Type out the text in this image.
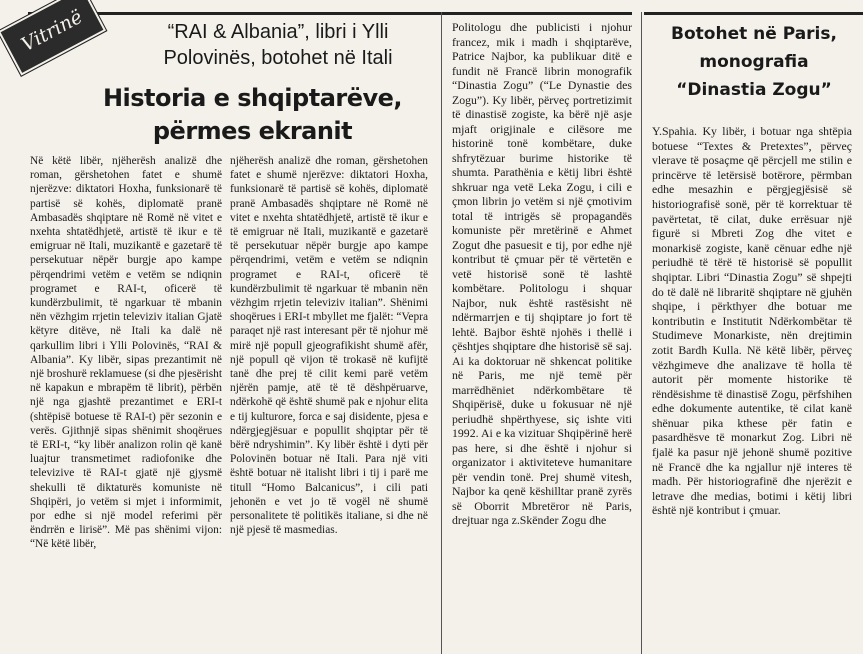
Vitrinë	“RAI & Albania”, libri i Ylli Polovinës, botohet në Itali
Historia e shqiptarëve, përmes ekranit

Në këtë libër, njëherësh analizë dhe roman, gërshetohen fatet e shumë njerëzve: diktatori Hoxha, funksionarë të partisë së kohës, diplomatë pranë Ambasadës shqiptare në Romë në vitet e nxehta shtatëdhjetë, artistë të ikur e të emigruar në Itali, muzikantë e gazetarë të persekutuar nëpër burgje apo kampe përqendrimi vetëm e vetëm se ndiqnin programet e RAI-t, oficerë të kundërzbulimit, të ngarkuar të mbanin nën vëzhgim rrjetin televiziv italian Gjatë këtyre ditëve, në Itali ka dalë në qarkullim libri i Ylli Polovinës, “RAI & Albania”. Ky libër, sipas prezantimit në një broshurë reklamuese (si dhe pjesërisht në kapakun e mbrapëm të librit), përbën një nga gjashtë prezantimet e ERI-t (shtëpisë botuese të RAI-t) për sezonin e verës. Gjithnjë sipas shënimit shoqërues të ERI-t, “ky libër analizon rolin që kanë luajtur transmetimet radiofonike dhe televizive të RAI-t gjatë një gjysmë shekulli të diktaturës komuniste në Shqipëri, jo vetëm si mjet i informimit, por edhe si një model referimi për ëndrrën e lirisë”. Më pas shënimi vijon: “Në këtë libër,

njëherësh analizë dhe roman, gërshetohen fatet e shumë njerëzve: diktatori Hoxha, funksionarë të partisë së kohës, diplomatë pranë Ambasadës shqiptare në Romë në vitet e nxehta shtatëdhjetë, artistë të ikur e të emigruar në Itali, muzikantë e gazetarë të persekutuar nëpër burgje apo kampe përqendrimi, vetëm e vetëm se ndiqnin programet e RAI-t, oficerë të kundërzbulimit të ngarkuar të mbanin nën vëzhgim rrjetin televiziv italian”. Shënimi shoqërues i ERI-t mbyllet me fjalët: “Vepra paraqet një rast interesant për të njohur më mirë një popull gjeografikisht shumë afër, një popull që vijon të trokasë në kufijtë tanë dhe prej të cilit kemi parë vetëm njërën pamje, atë të të dëshpëruarve, ndërkohë që është shumë pak e njohur elita e tij kulturore, forca e saj disidente, pjesa e ndërgjegjësuar e popullit shqiptar për të bërë ndryshimin”. Ky libër është i dyti për Polovinën botuar në Itali. Para një viti është botuar në italisht libri i tij i parë me titull “Homo Balcanicus”, i cili pati jehonën e vet jo të vogël në shumë personalitete të politikës italiane, si dhe në një pjesë të masmedias.

Politologu dhe publicisti i njohur francez, mik i madh i shqiptarëve, Patrice Najbor, ka publikuar ditë e fundit në Francë librin monografik “Dinastia Zogu” (“Le Dynastie des Zogu”). Ky libër, përveç portretizimit të dinastisë zogiste, ka bërë një asje mjaft origjinale e cilësore me historinë tonë kombëtare, duke shfrytëzuar burime historike të shumta. Parathënia e këtij libri është shkruar nga vetë Leka Zogu, i cili e çmon librin jo vetëm si një çmotivim total të intrigës së propagandës komuniste për mretërinë e Ahmet Zogut dhe pasuesit e tij, por edhe një kontribut të çmuar për të vërtetën e vetë historisë sonë të lashtë kombëtare. Politologu i shquar Najbor, nuk është rastësisht në ndërmarrjen e tij shqiptare jo fort të lehtë. Bajbor është njohës i thellë i çështjes shqiptare dhe historisë së saj. Ai ka doktoruar në shkencat politike në Paris, me një temë për marrëdhëniet ndërkombëtare të Shqipërisë, duke u fokusuar në një periudhë shpërthyese, siç ishte viti 1992. Ai e ka vizituar Shqipërinë herë pas here, si dhe është i njohur si organizator i aktiviteteve humanitare për vendin tonë. Prej shumë vitesh, Najbor ka qenë këshilltar pranë zyrës së Oborrit Mbretëror në Paris, drejtuar nga z.Skënder Zogu dhe

Botohet në Paris, monografia “Dinastia Zogu”

Y.Spahia. Ky libër, i botuar nga shtëpia botuese “Textes & Pretextes”, përveç vlerave të posaçme që përcjell me stilin e princërve të letërsisë botërore, përmban edhe mesazhin e përgjegjësisë së historiografisë sonë, për të korrektuar të pavërtetat, të cilat, duke errësuar një figurë si Mbreti Zog dhe vitet e monarkisë zogiste, kanë cënuar edhe një periudhë të tërë të historisë së popullit shqiptar. Libri “Dinastia Zogu” së shpejti do të dalë në libraritë shqiptare në gjuhën shqipe, i përkthyer dhe botuar me kontributin e Institutit Ndërkombëtar të Studimeve Monarkiste, nën drejtimin zotit Bardh Kulla. Në këtë libër, përveç vëzhgimeve dhe analizave të holla të autorit për momente historike të rëndësishme të dinastisë Zogu, përfshihen edhe dokumente autentike, të cilat kanë shënuar pika kthese për fatin e pasardhësve të monarkut Zog. Libri në fjalë ka pasur një jehonë shumë pozitive në Francë dhe ka ngjallur një interes të madh. Për historiografinë dhe njerëzit e letrave dhe medias, botimi i këtij libri është një kontribut i çmuar.
